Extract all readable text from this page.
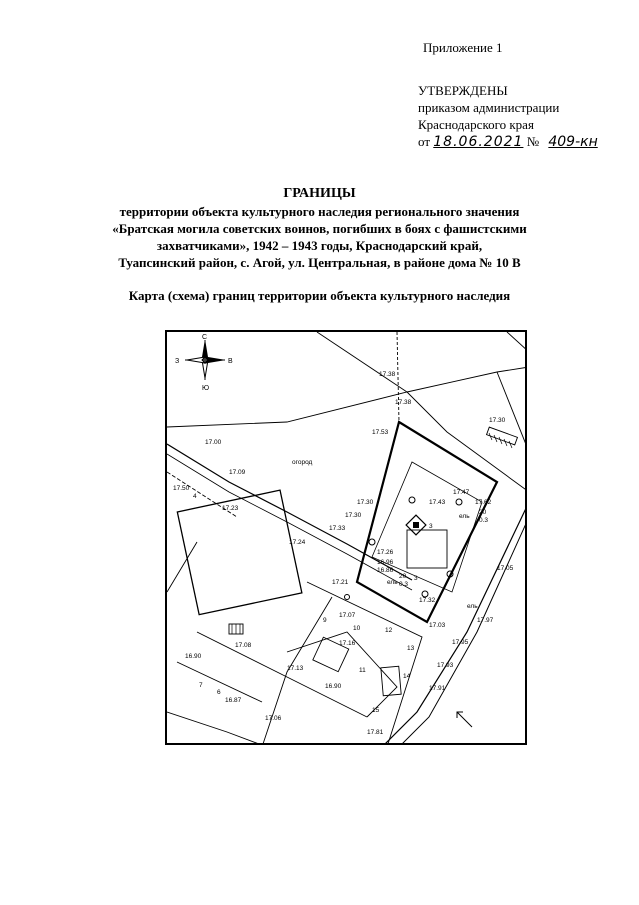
Приложение 1
УТВЕРЖДЕНЫ
приказом администрации
Краснодарского края
от 18.06.2021 № 409-кн
ГРАНИЦЫ
территории объекта культурного наследия регионального значения
«Братская могила советских воинов, погибших в боях с фашистскими
захватчиками», 1942 – 1943 годы, Краснодарский край,
Туапсинский район, с. Агой, ул. Центральная, в районе дома № 10 В
Карта (схема) границ территории объекта культурного наследия
С
Ю
З	В
огород
17.38
17.38
17.30
17.53
17.00
17.09
17.50
17.23
17.30
17.30
17.33
17.24
17.47
17.43	17.62
17.26
16.96
16.86
17.21
17.07
17.32
17.05
17.97
17.08	17.16	17.95
16.90
17.13	17.93
16.87
16.90	17.91
17.06
17.81
17.03
ель
ель
ель
20
20
0.3
0.3
3
3
4
6
7
9
10
11
12
13
14
15
